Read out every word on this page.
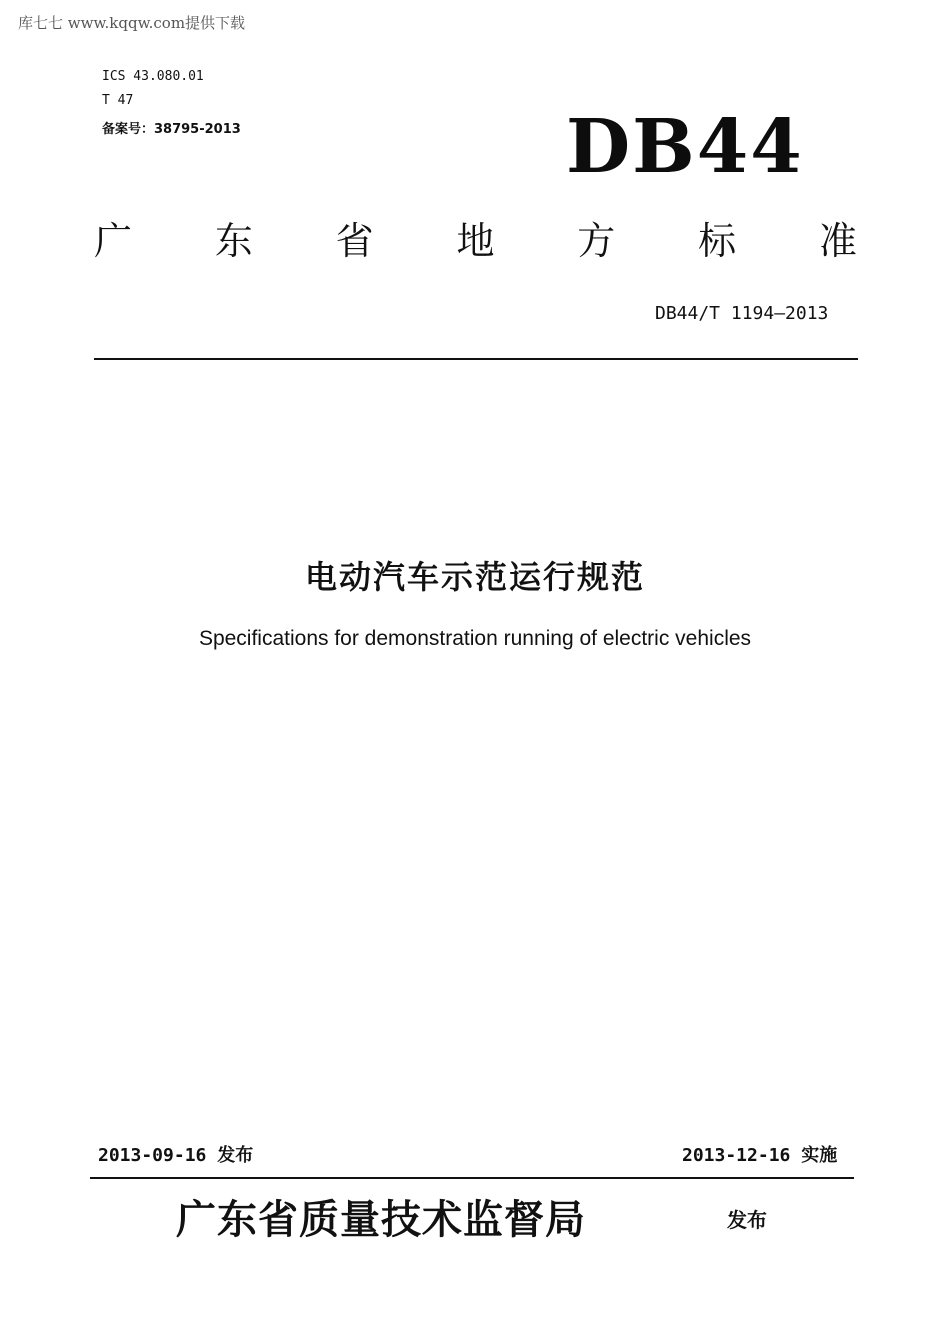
库七七 www.kqqw.com提供下载
ICS 43.080.01
T 47
备案号：38795-2013	DB44
广 东 省 地 方 标 准
DB44/T 1194—2013
电动汽车示范运行规范
Specifications for demonstration running of electric vehicles
2013-09-16 发布	2013-12-16 实施
广东省质量技术监督局	发布
